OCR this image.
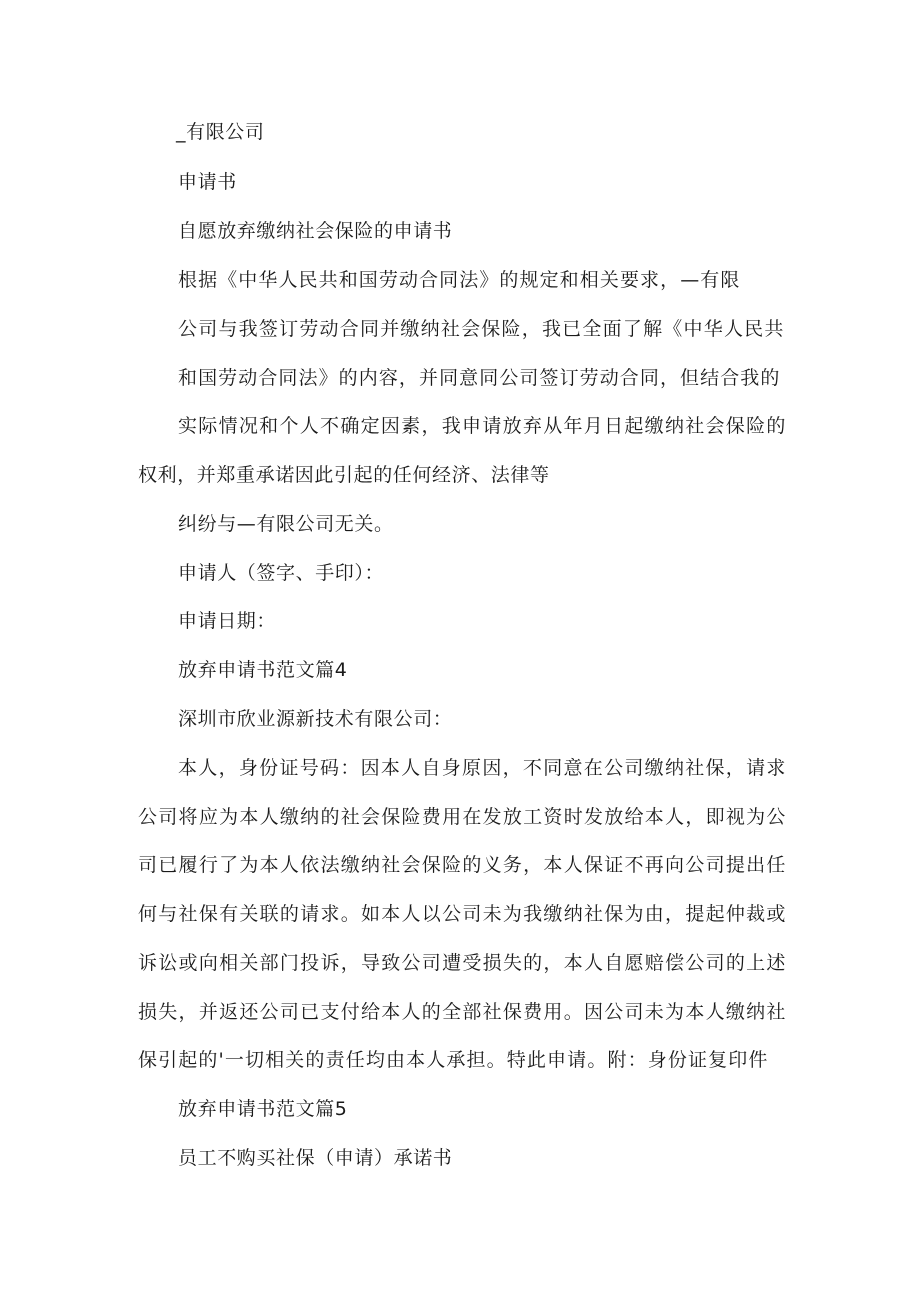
_有限公司
申请书
自愿放弃缴纳社会保险的申请书
根据《中华人民共和国劳动合同法》的规定和相关要求，—有限
公司与我签订劳动合同并缴纳社会保险，我已全面了解《中华人民共
和国劳动合同法》的内容，并同意同公司签订劳动合同，但结合我的
实际情况和个人不确定因素，我申请放弃从年月日起缴纳社会保险的
权利，并郑重承诺因此引起的任何经济、法律等
纠纷与—有限公司无关。
申请人（签字、手印）：
申请日期：
放弃申请书范文篇4
深圳市欣业源新技术有限公司：
本人，身份证号码：因本人自身原因，不同意在公司缴纳社保，请求
公司将应为本人缴纳的社会保险费用在发放工资时发放给本人，即视为公
司已履行了为本人依法缴纳社会保险的义务，本人保证不再向公司提出任
何与社保有关联的请求。如本人以公司未为我缴纳社保为由，提起仲裁或
诉讼或向相关部门投诉，导致公司遭受损失的，本人自愿赔偿公司的上述
损失，并返还公司已支付给本人的全部社保费用。因公司未为本人缴纳社
保引起的'一切相关的责任均由本人承担。特此申请。附：身份证复印件
放弃申请书范文篇5
员工不购买社保（申请）承诺书
